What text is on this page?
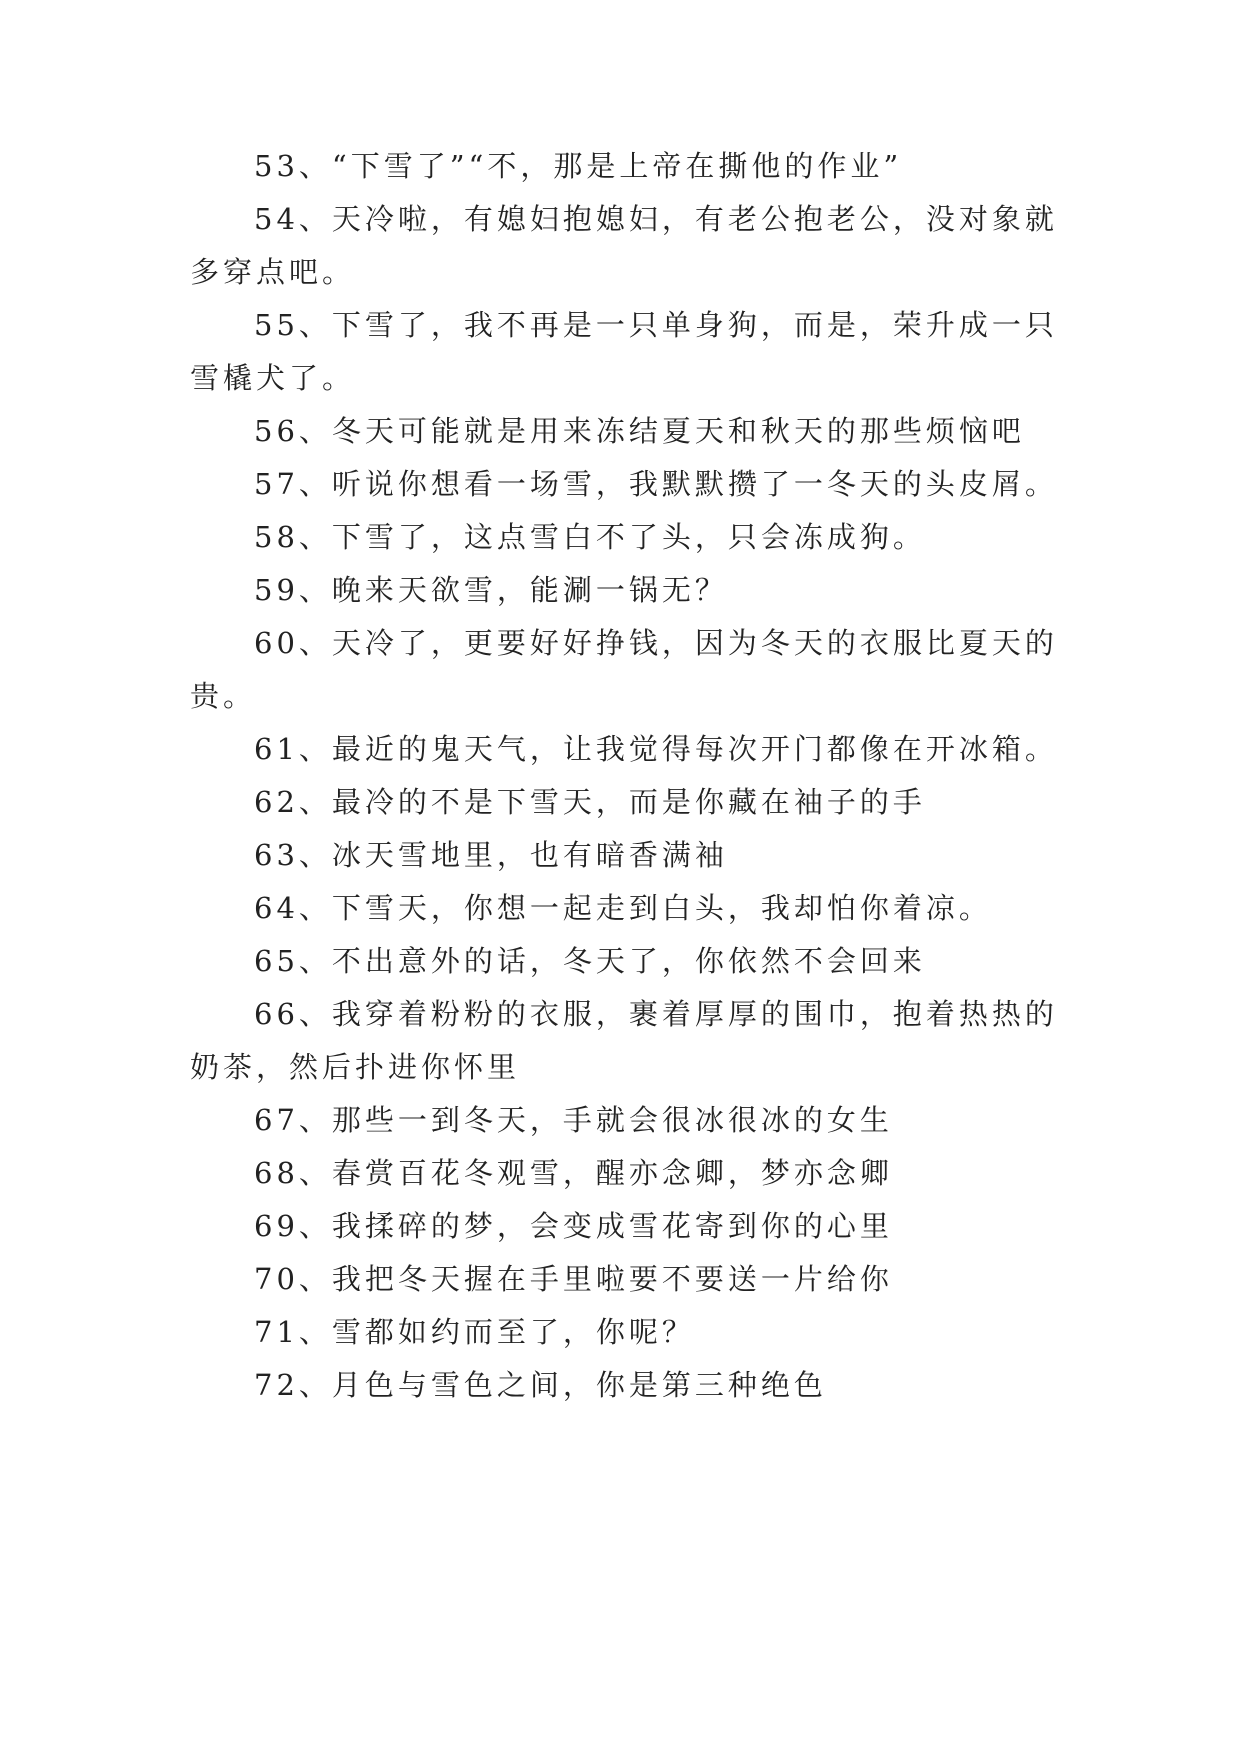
53、“下雪了”“不，那是上帝在撕他的作业”

54、天冷啦，有媳妇抱媳妇，有老公抱老公，没对象就多穿点吧。

55、下雪了，我不再是一只单身狗，而是，荣升成一只雪橇犬了。

56、冬天可能就是用来冻结夏天和秋天的那些烦恼吧

57、听说你想看一场雪，我默默攒了一冬天的头皮屑。

58、下雪了，这点雪白不了头，只会冻成狗。

59、晚来天欲雪，能涮一锅无？

60、天冷了，更要好好挣钱，因为冬天的衣服比夏天的贵。

61、最近的鬼天气，让我觉得每次开门都像在开冰箱。

62、最冷的不是下雪天，而是你藏在袖子的手

63、冰天雪地里，也有暗香满袖

64、下雪天，你想一起走到白头，我却怕你着凉。

65、不出意外的话，冬天了，你依然不会回来

66、我穿着粉粉的衣服，裹着厚厚的围巾，抱着热热的奶茶，然后扑进你怀里

67、那些一到冬天，手就会很冰很冰的女生

68、春赏百花冬观雪，醒亦念卿，梦亦念卿

69、我揉碎的梦，会变成雪花寄到你的心里

70、我把冬天握在手里啦要不要送一片给你

71、雪都如约而至了，你呢？

72、月色与雪色之间，你是第三种绝色
